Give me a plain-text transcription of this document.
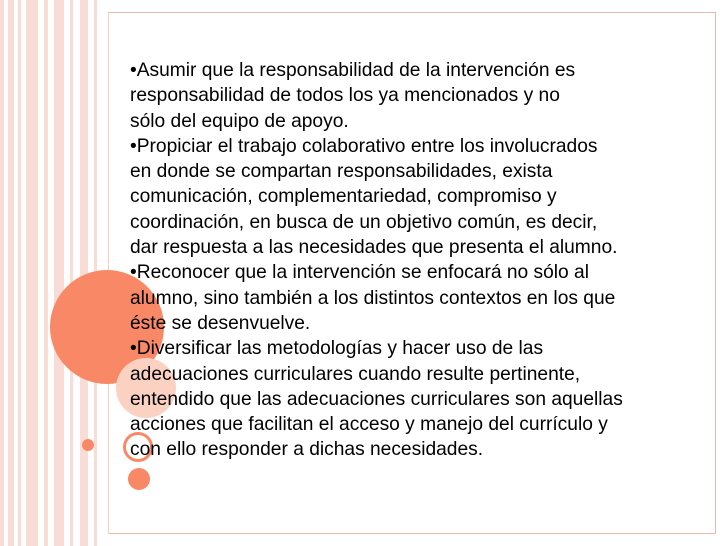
•Asumir que la responsabilidad de la intervención es
responsabilidad de todos los ya mencionados y no
sólo del equipo de apoyo.
•Propiciar el trabajo colaborativo entre los involucrados
en donde se compartan responsabilidades, exista
comunicación, complementariedad, compromiso y
coordinación, en busca de un objetivo común, es decir,
dar respuesta a las necesidades que presenta el alumno.
•Reconocer que la intervención se enfocará no sólo al
alumno, sino también a los distintos contextos en los que
éste se desenvuelve.
•Diversificar las metodologías y hacer uso de las
adecuaciones curriculares cuando resulte pertinente,
entendido que las adecuaciones curriculares son aquellas
acciones que facilitan el acceso y manejo del currículo y
con ello responder a dichas necesidades.
